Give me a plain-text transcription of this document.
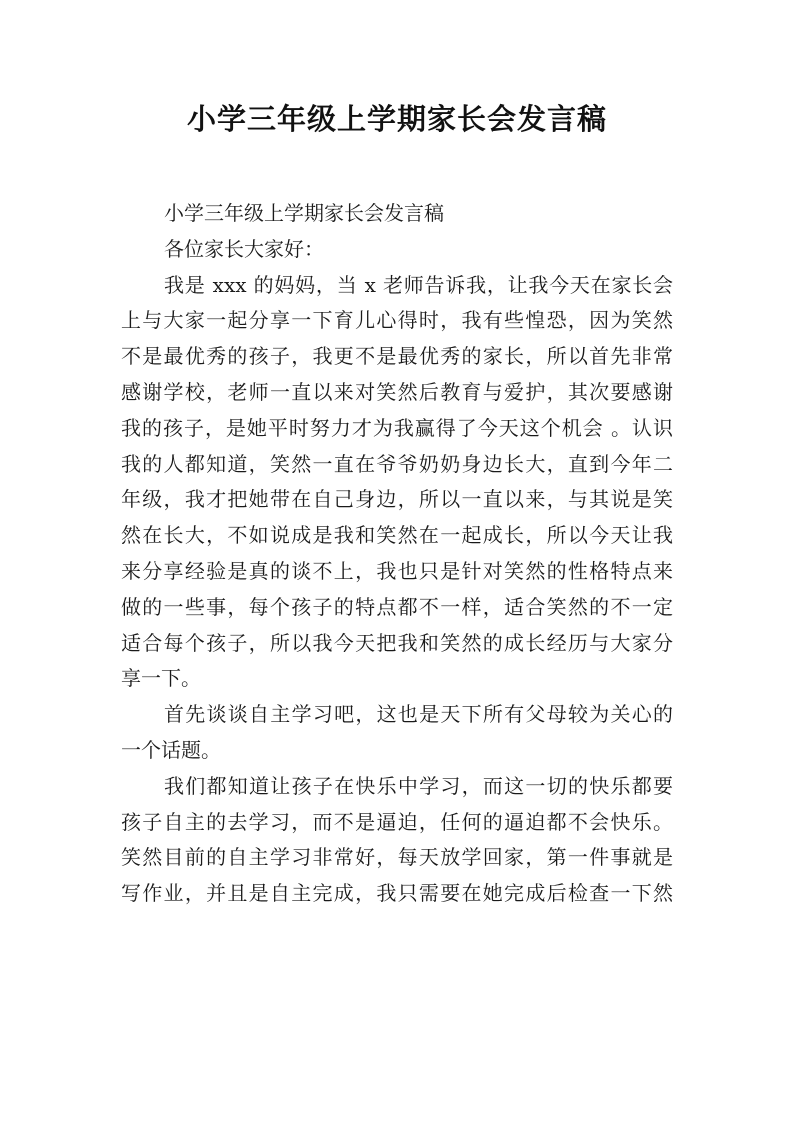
小学三年级上学期家长会发言稿
小学三年级上学期家长会发言稿
各位家长大家好：
我是 xxx 的妈妈，当 x 老师告诉我，让我今天在家长会
上与大家一起分享一下育儿心得时，我有些惶恐，因为笑然
不是最优秀的孩子，我更不是最优秀的家长，所以首先非常
感谢学校，老师一直以来对笑然后教育与爱护，其次要感谢
我的孩子，是她平时努力才为我赢得了今天这个机会 。认识
我的人都知道，笑然一直在爷爷奶奶身边长大，直到今年二
年级，我才把她带在自己身边，所以一直以来，与其说是笑
然在长大，不如说成是我和笑然在一起成长，所以今天让我
来分享经验是真的谈不上，我也只是针对笑然的性格特点来
做的一些事，每个孩子的特点都不一样，适合笑然的不一定
适合每个孩子，所以我今天把我和笑然的成长经历与大家分
享一下。
首先谈谈自主学习吧，这也是天下所有父母较为关心的
一个话题。
我们都知道让孩子在快乐中学习，而这一切的快乐都要
孩子自主的去学习，而不是逼迫，任何的逼迫都不会快乐。
笑然目前的自主学习非常好，每天放学回家，第一件事就是
写作业，并且是自主完成，我只需要在她完成后检查一下然
